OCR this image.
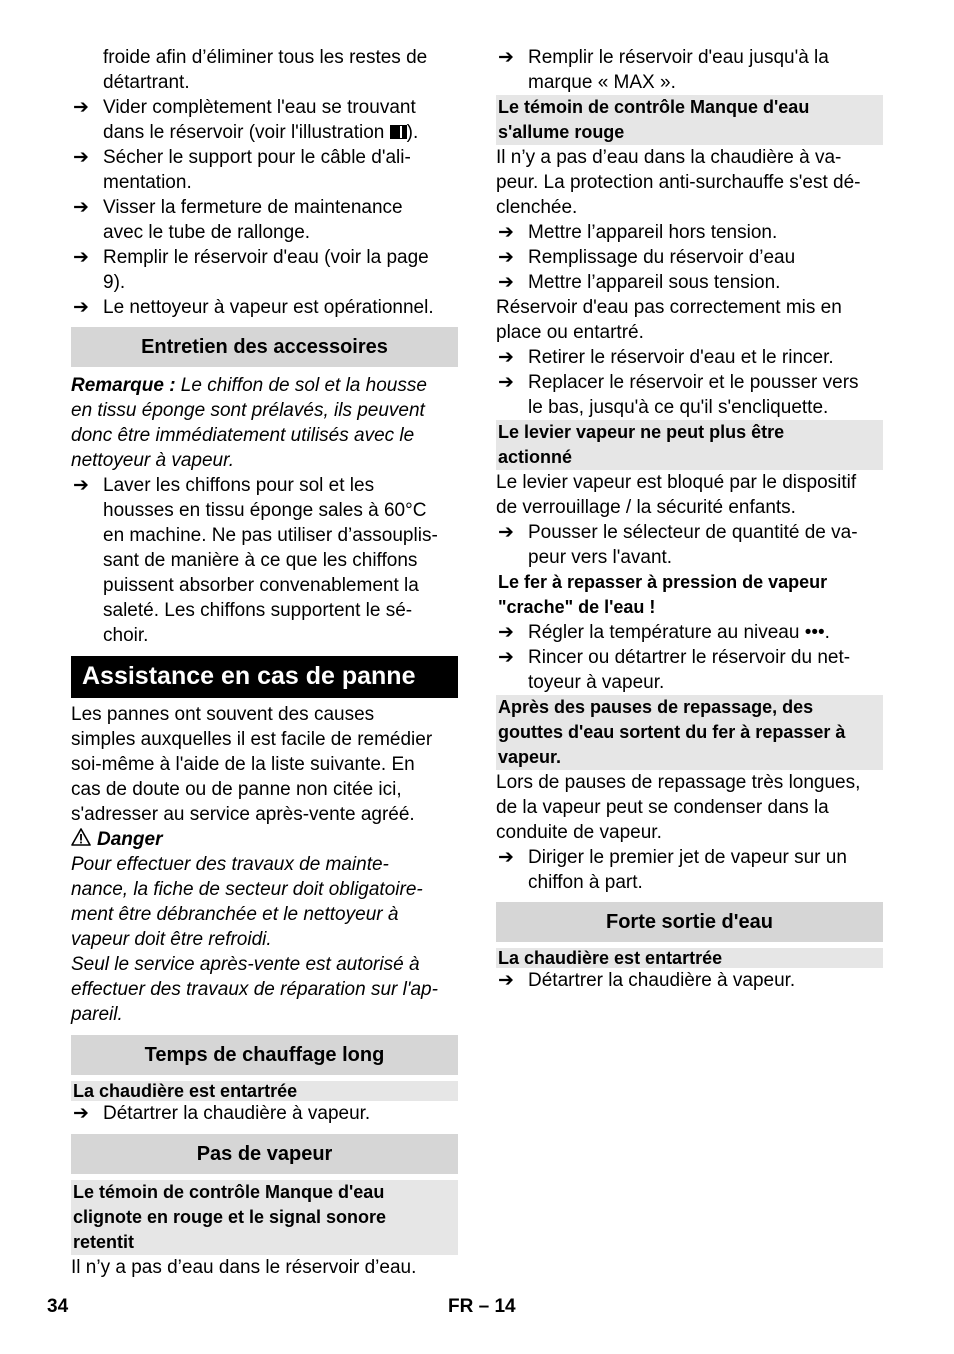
froide afin d’éliminer tous les restes de
détartrant.
➔ Vider complètement l'eau se trouvant
dans le réservoir (voir l'illustration ).
➔ Sécher le support pour le câble d'ali-
mentation.
➔ Visser la fermeture de maintenance
avec le tube de rallonge.
➔ Remplir le réservoir d'eau (voir la page
9).
➔ Le nettoyeur à vapeur est opérationnel.
Entretien des accessoires
Remarque : Le chiffon de sol et la housse
en tissu éponge sont prélavés, ils peuvent
donc être immédiatement utilisés avec le
nettoyeur à vapeur.
➔ Laver les chiffons pour sol et les
housses en tissu éponge sales à 60°C
en machine. Ne pas utiliser d’assouplis-
sant de manière à ce que les chiffons
puissent absorber convenablement la
saleté. Les chiffons supportent le sé-
choir.
Assistance en cas de panne
Les pannes ont souvent des causes
simples auxquelles il est facile de remédier
soi-même à l'aide de la liste suivante. En
cas de doute ou de panne non citée ici,
s'adresser au service après-vente agréé.
Danger
Pour effectuer des travaux de mainte-
nance, la fiche de secteur doit obligatoire-
ment être débranchée et le nettoyeur à
vapeur doit être refroidi.
Seul le service après-vente est autorisé à
effectuer des travaux de réparation sur l'ap-
pareil.
Temps de chauffage long
La chaudière est entartrée
➔ Détartrer la chaudière à vapeur.
Pas de vapeur
Le témoin de contrôle Manque d'eau
clignote en rouge et le signal sonore
retentit
Il n’y a pas d’eau dans le réservoir d’eau.
➔ Remplir le réservoir d'eau jusqu'à la
marque « MAX ».
Le témoin de contrôle Manque d'eau
s'allume rouge
Il n’y a pas d’eau dans la chaudière à va-
peur. La protection anti-surchauffe s'est dé-
clenchée.
➔ Mettre l’appareil hors tension.
➔ Remplissage du réservoir d’eau
➔ Mettre l’appareil sous tension.
Réservoir d'eau pas correctement mis en
place ou entartré.
➔ Retirer le réservoir d'eau et le rincer.
➔ Replacer le réservoir et le pousser vers
le bas, jusqu'à ce qu'il s'encliquette.
Le levier vapeur ne peut plus être
actionné
Le levier vapeur est bloqué par le dispositif
de verrouillage / la sécurité enfants.
➔ Pousser le sélecteur de quantité de va-
peur vers l'avant.
Le fer à repasser à pression de vapeur
"crache" de l'eau !
➔ Régler la température au niveau •••.
➔ Rincer ou détartrer le réservoir du net-
toyeur à vapeur.
Après des pauses de repassage, des
gouttes d'eau sortent du fer à repasser à
vapeur.
Lors de pauses de repassage très longues,
de la vapeur peut se condenser dans la
conduite de vapeur.
➔ Diriger le premier jet de vapeur sur un
chiffon à part.
Forte sortie d'eau
La chaudière est entartrée
➔ Détartrer la chaudière à vapeur.
34	FR – 14
